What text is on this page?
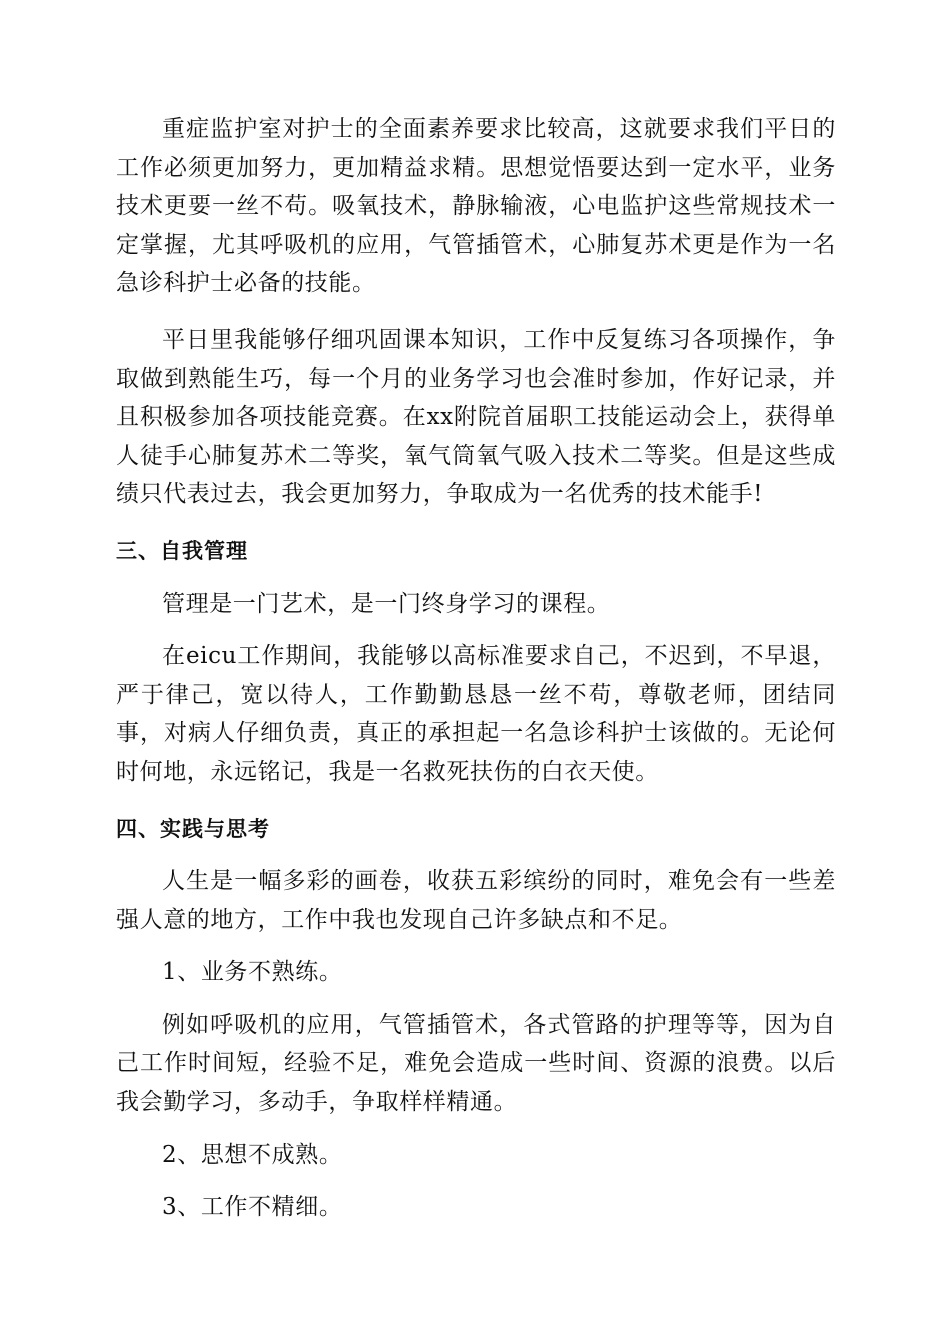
重症监护室对护士的全面素养要求比较高，这就要求我们平日的工作必须更加努力，更加精益求精。思想觉悟要达到一定水平，业务技术更要一丝不苟。吸氧技术，静脉输液，心电监护这些常规技术一定掌握，尤其呼吸机的应用，气管插管术，心肺复苏术更是作为一名急诊科护士必备的技能。

平日里我能够仔细巩固课本知识，工作中反复练习各项操作，争取做到熟能生巧，每一个月的业务学习也会准时参加，作好记录，并且积极参加各项技能竞赛。在xx附院首届职工技能运动会上，获得单人徒手心肺复苏术二等奖，氧气筒氧气吸入技术二等奖。但是这些成绩只代表过去，我会更加努力，争取成为一名优秀的技术能手!

三、自我管理

管理是一门艺术，是一门终身学习的课程。

在eicu工作期间，我能够以高标准要求自己，不迟到，不早退，严于律己，宽以待人，工作勤勤恳恳一丝不苟，尊敬老师，团结同事，对病人仔细负责，真正的承担起一名急诊科护士该做的。无论何时何地，永远铭记，我是一名救死扶伤的白衣天使。

四、实践与思考

人生是一幅多彩的画卷，收获五彩缤纷的同时，难免会有一些差强人意的地方，工作中我也发现自己许多缺点和不足。

1、业务不熟练。

例如呼吸机的应用，气管插管术，各式管路的护理等等，因为自己工作时间短，经验不足，难免会造成一些时间、资源的浪费。以后我会勤学习，多动手，争取样样精通。

2、思想不成熟。

3、工作不精细。
